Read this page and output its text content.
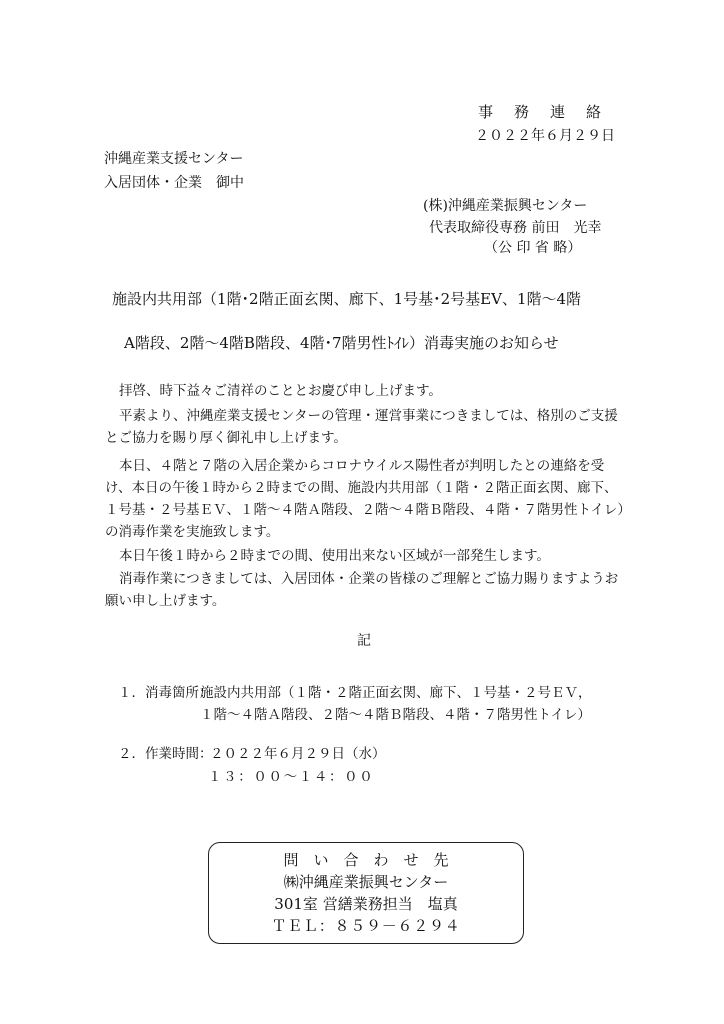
事　務　連　絡
２０２２年６月２９日
沖縄産業支援センター
入居団体・企業　御中
(株)沖縄産業振興センター
代表取締役専務 前田　光幸
（公 印 省 略）
施設内共用部（1階･2階正面玄関、廊下、1号基･2号基EV、1階～4階
A階段、2階～4階B階段、4階･7階男性ﾄｲﾚ）消毒実施のお知らせ
拝啓、時下益々ご清祥のこととお慶び申し上げます。
平素より、沖縄産業支援センターの管理・運営事業につきましては、格別のご支援とご協力を賜り厚く御礼申し上げます。
本日、４階と７階の入居企業からコロナウイルス陽性者が判明したとの連絡を受け、本日の午後１時から２時までの間、施設内共用部（１階・２階正面玄関、廊下、１号基・２号基ＥＶ、１階～４階Ａ階段、２階～４階Ｂ階段、４階・７階男性トイレ）の消毒作業を実施致します。
本日午後１時から２時までの間、使用出来ない区域が一部発生します。
消毒作業につきましては、入居団体・企業の皆様のご理解とご協力賜りますようお願い申し上げます。
記
１．消毒箇所：
施設内共用部（１階・２階正面玄関、廊下、１号基・２号ＥＶ，
１階～４階Ａ階段、２階～４階Ｂ階段、４階・７階男性トイレ）
２．作業時間：
２０２２年６月２９日（水）
１３：００～１４：００
問　い　合　わ　せ　先
㈱沖縄産業振興センター
301室 営繕業務担当　塩真
ＴＥＬ：８５９－６２９４
